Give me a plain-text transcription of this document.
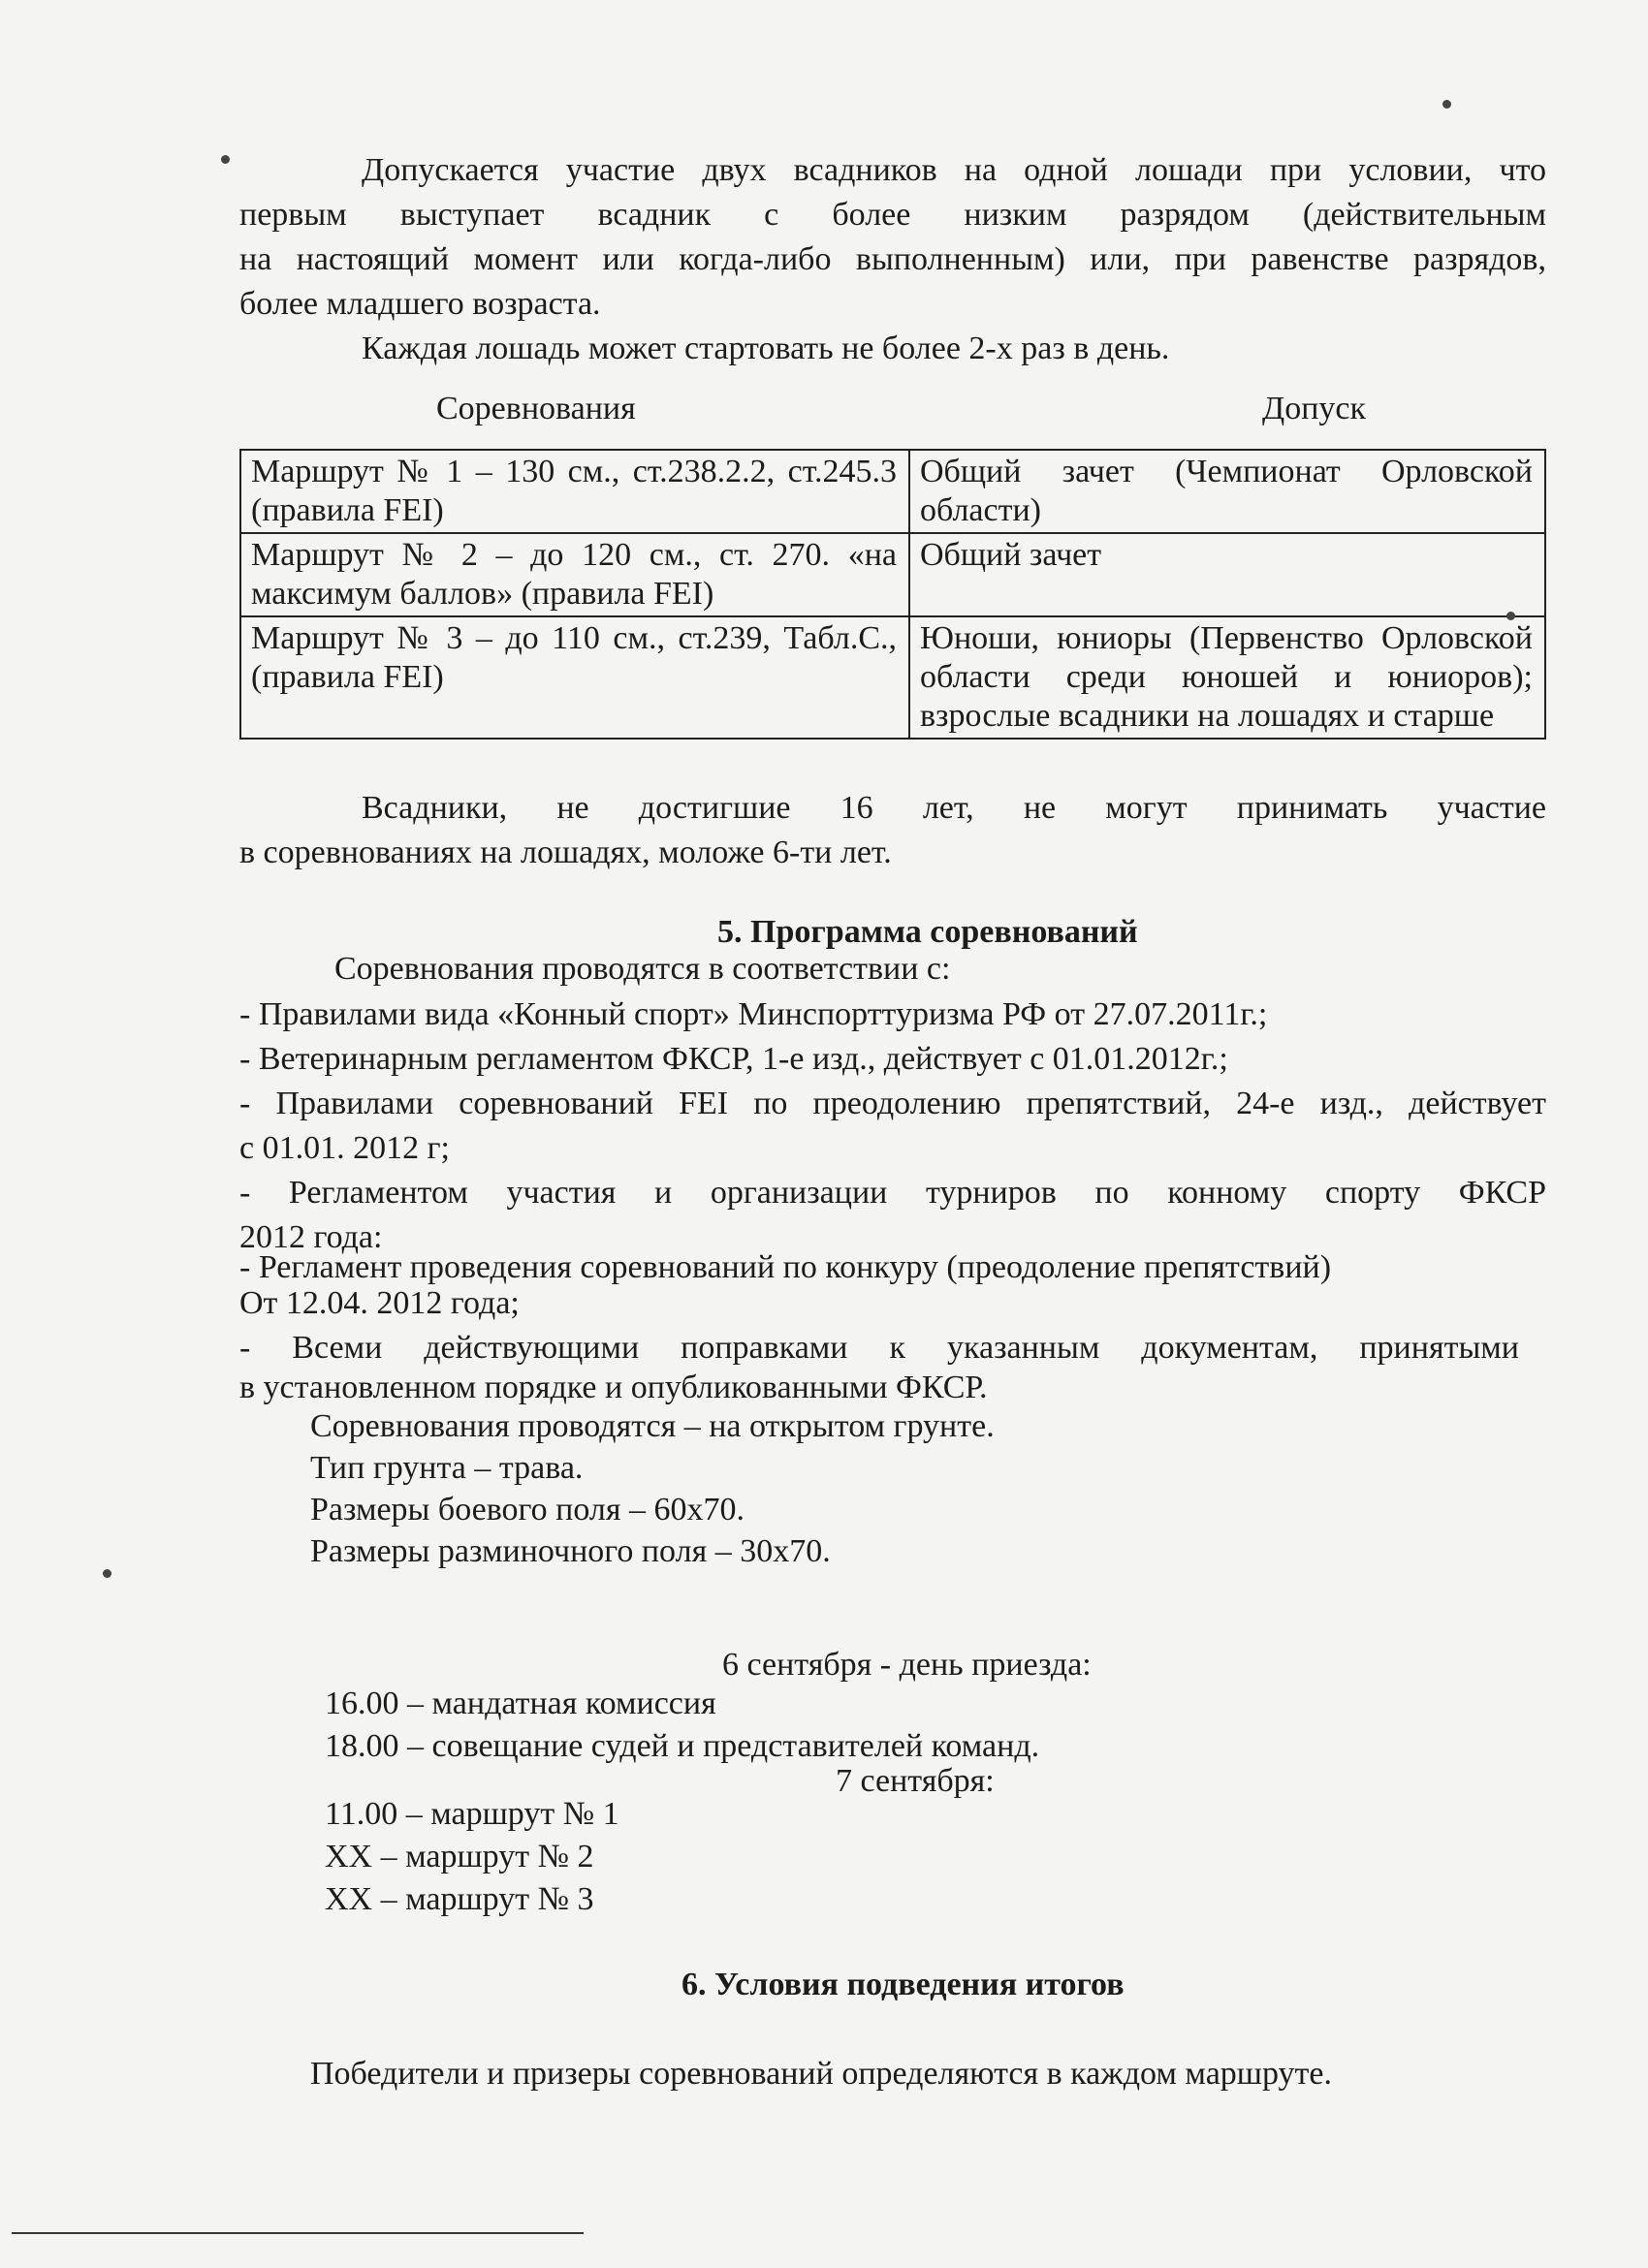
Допускается участие двух всадников на одной лошади при условии, что
первым выступает всадник с более низким разрядом (действительным
на настоящий момент или когда-либо выполненным) или, при равенстве разрядов,
более младшего возраста.
Каждая лошадь может стартовать не более 2-х раз в день.
Соревнования	Допуск
Маршрут № 1 – 130 см., ст.238.2.2, ст.245.3 (правила FEI)	Общий зачет (Чемпионат Орловской области)
Маршрут № 2 – до 120 см., ст. 270. «на максимум баллов» (правила FEI)	Общий зачет
Маршрут № 3 – до 110 см., ст.239, Табл.С., (правила FEI)	Юноши, юниоры (Первенство Орловской области среди юношей и юниоров); взрослые всадники на лошадях и старше
Всадники, не достигшие 16 лет, не могут принимать участие
в соревнованиях на лошадях, моложе 6-ти лет.
5. Программа соревнований
Соревнования проводятся в соответствии с:
- Правилами вида «Конный спорт» Минспорттуризма РФ от 27.07.2011г.;
- Ветеринарным регламентом ФКСР, 1-е изд., действует с 01.01.2012г.;
- Правилами соревнований FEI по преодолению препятствий, 24-е изд., действует
с 01.01. 2012 г;
- Регламентом участия и организации турниров по конному спорту ФКСР
2012 года:
- Регламент проведения соревнований по конкуру (преодоление препятствий)
От 12.04. 2012 года;
- Всеми действующими поправками к указанным документам, принятыми
в установленном порядке и опубликованными ФКСР.
Соревнования проводятся – на открытом грунте.
Тип грунта – трава.
Размеры боевого поля – 60х70.
Размеры разминочного поля – 30х70.
6 сентября - день приезда:
16.00 – мандатная комиссия
18.00 – совещание судей и представителей команд.
7 сентября:
11.00 – маршрут № 1
ХХ – маршрут № 2
ХХ – маршрут № 3
6. Условия подведения итогов
Победители и призеры соревнований определяются в каждом маршруте.
